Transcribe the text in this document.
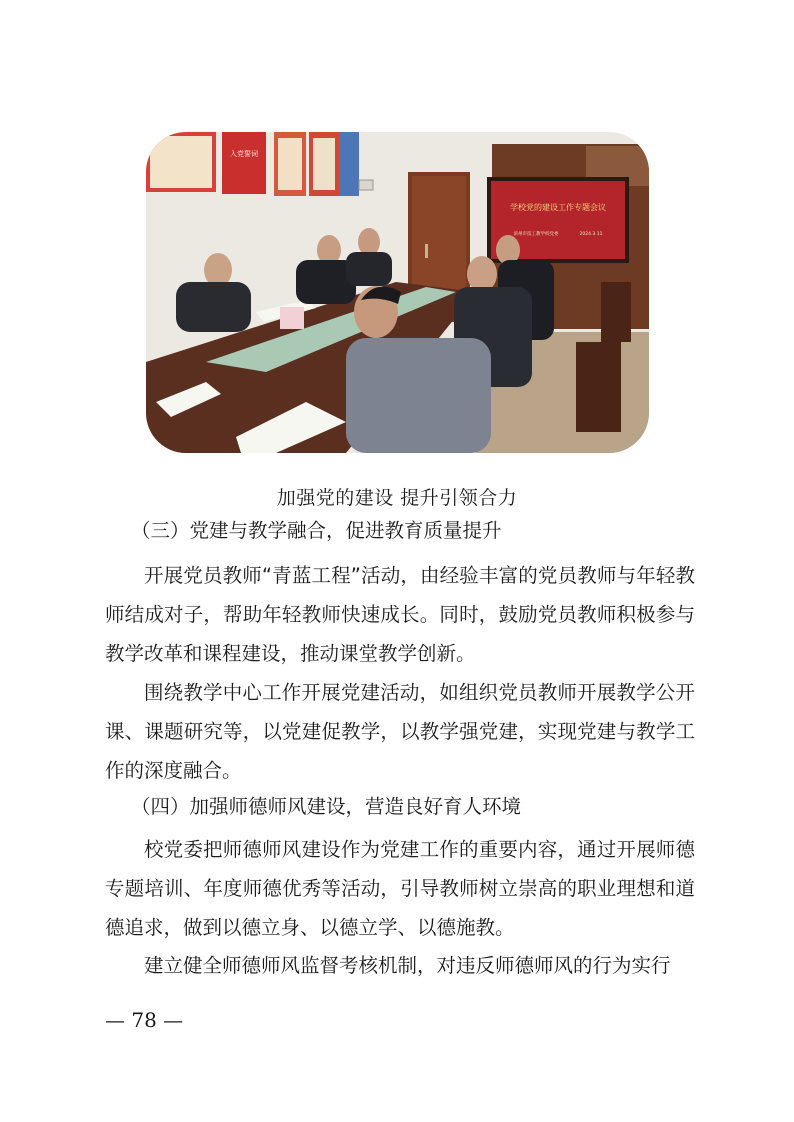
入党誓词
学校党的建设工作专题会议
滨州市技工教学校党委	2024.3.11
加强党的建设 提升引领合力

（三）党建与教学融合，促进教育质量提升

开展党员教师“青蓝工程”活动，由经验丰富的党员教师与年轻教师结成对子，帮助年轻教师快速成长。同时，鼓励党员教师积极参与教学改革和课程建设，推动课堂教学创新。

围绕教学中心工作开展党建活动，如组织党员教师开展教学公开课、课题研究等，以党建促教学，以教学强党建，实现党建与教学工作的深度融合。

（四）加强师德师风建设，营造良好育人环境

校党委把师德师风建设作为党建工作的重要内容，通过开展师德专题培训、年度师德优秀等活动，引导教师树立崇高的职业理想和道德追求，做到以德立身、以德立学、以德施教。

建立健全师德师风监督考核机制，对违反师德师风的行为实行

— 78 —
